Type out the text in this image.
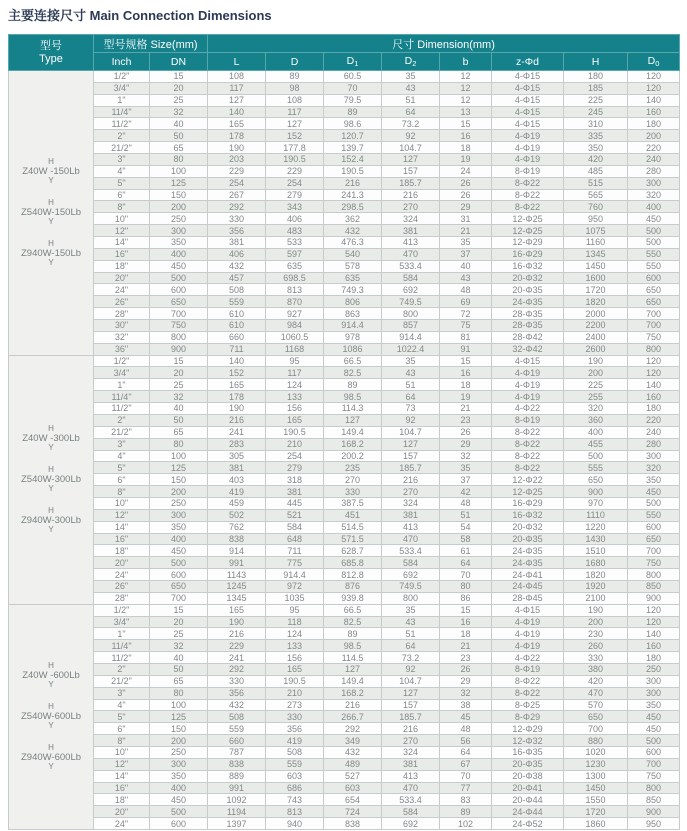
主要连接尺寸 Main Connection Dimensions
型号
Type	型号规格 Size(mm)		尺寸 Dimension(mm)							
	Inch	DN	L	D	$D_1$	$D_2$	b	z-Φd	H	$D_0$

H
Z40W -150Lb
Y
H
Z540W-150Lb
Y
H
Z940W-150Lb
Y
	1/2"	15	108	89	60.5	35	12	4-Φ15	180	120
	3/4"	20	117	98	70	43	12	4-Φ15	185	120
	1"	25	127	108	79.5	51	12	4-Φ15	225	140
	11/4"	32	140	117	89	64	13	4-Φ15	245	160
	11/2"	40	165	127	98.6	73.2	15	4-Φ15	310	180
	2"	50	178	152	120.7	92	16	4-Φ19	335	200
	21/2"	65	190	177.8	139.7	104.7	18	4-Φ19	350	220
	3"	80	203	190.5	152.4	127	19	4-Φ19	420	240
	4"	100	229	229	190.5	157	24	8-Φ19	485	280
	5"	125	254	254	216	185.7	26	8-Φ22	515	300
	6"	150	267	279	241.3	216	26	8-Φ22	565	320
	8"	200	292	343	298.5	270	29	8-Φ22	760	400
	10"	250	330	406	362	324	31	12-Φ25	950	450
	12"	300	356	483	432	381	21	12-Φ25	1075	500
	14"	350	381	533	476.3	413	35	12-Φ29	1160	500
	16"	400	406	597	540	470	37	16-Φ29	1345	550
	18"	450	432	635	578	533.4	40	16-Φ32	1450	550
	20"	500	457	698.5	635	584	43	20-Φ32	1600	600
	24"	600	508	813	749.3	692	48	20-Φ35	1720	650
	26"	650	559	870	806	749.5	69	24-Φ35	1820	650
	28"	700	610	927	863	800	72	28-Φ35	2000	700
	30"	750	610	984	914.4	857	75	28-Φ35	2200	700
	32"	800	660	1060.5	978	914.4	81	28-Φ42	2400	750
	36"	900	711	1168	1086	1022.4	91	32-Φ42	2600	800

H
Z40W -300Lb
Y
H
Z540W-300Lb
Y
H
Z940W-300Lb
Y
	1/2"	15	140	95	66.5	35	15	4-Φ15	190	120
	3/4"	20	152	117	82.5	43	16	4-Φ19	200	120
	1"	25	165	124	89	51	18	4-Φ19	225	140
	11/4"	32	178	133	98.5	64	19	4-Φ19	255	160
	11/2"	40	190	156	114.3	73	21	4-Φ22	320	180
	2"	50	216	165	127	92	23	8-Φ19	360	220
	21/2"	65	241	190.5	149.4	104.7	26	8-Φ22	400	240
	3"	80	283	210	168.2	127	29	8-Φ22	455	280
	4"	100	305	254	200.2	157	32	8-Φ22	500	300
	5"	125	381	279	235	185.7	35	8-Φ22	555	320
	6"	150	403	318	270	216	37	12-Φ22	650	350
	8"	200	419	381	330	270	42	12-Φ25	900	450
	10"	250	459	445	387.5	324	48	16-Φ29	970	500
	12"	300	502	521	451	381	51	16-Φ32	1110	550
	14"	350	762	584	514.5	413	54	20-Φ32	1220	600
	16"	400	838	648	571.5	470	58	20-Φ35	1430	650
	18"	450	914	711	628.7	533.4	61	24-Φ35	1510	700
	20"	500	991	775	685.8	584	64	24-Φ35	1680	750
	24"	600	1143	914.4	812.8	692	70	24-Φ41	1820	800
	26"	650	1245	972	876	749.5	80	24-Φ45	1920	850
	28"	700	1345	1035	939.8	800	86	28-Φ45	2100	900

H
Z40W -600Lb
Y
H
Z540W-600Lb
Y
H
Z940W-600Lb
Y
	1/2"	15	165	95	66.5	35	15	4-Φ15	190	120
	3/4"	20	190	118	82.5	43	16	4-Φ19	200	120
	1"	25	216	124	89	51	18	4-Φ19	230	140
	11/4"	32	229	133	98.5	64	21	4-Φ19	260	160
	11/2"	40	241	156	114.5	73.2	23	4-Φ22	330	180
	2"	50	292	165	127	92	26	8-Φ19	380	250
	21/2"	65	330	190.5	149.4	104.7	29	8-Φ22	420	300
	3"	80	356	210	168.2	127	32	8-Φ22	470	300
	4"	100	432	273	216	157	38	8-Φ25	570	350
	5"	125	508	330	266.7	185.7	45	8-Φ29	650	450
	6"	150	559	356	292	216	48	12-Φ29	700	450
	8"	200	660	419	349	270	56	12-Φ32	880	500
	10"	250	787	508	432	324	64	16-Φ35	1020	600
	12"	300	838	559	489	381	67	20-Φ35	1230	700
	14"	350	889	603	527	413	70	20-Φ38	1300	750
	16"	400	991	686	603	470	77	20-Φ41	1450	800
	18"	450	1092	743	654	533.4	83	20-Φ44	1550	850
	20"	500	1194	813	724	584	89	24-Φ44	1720	900
	24"	600	1397	940	838	692	102	24-Φ52	1860	950
